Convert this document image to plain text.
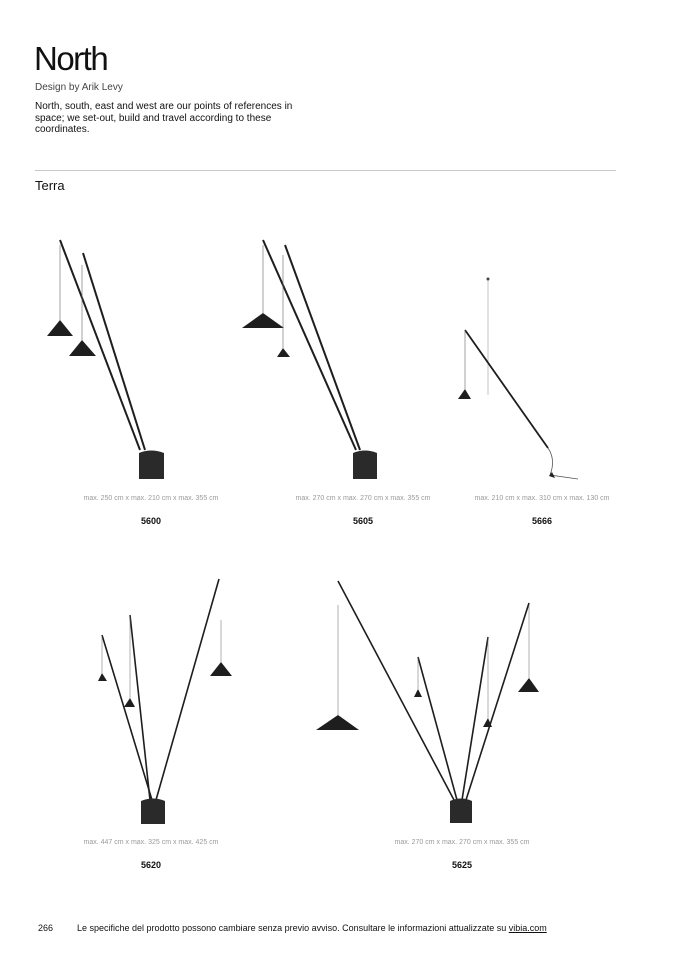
North
Design by Arik Levy
North, south, east and west are our points of references in space; we set-out, build and travel according to these coordinates.
Terra
max. 250 cm x max. 210 cm x max. 355 cm
5600
max. 270 cm x max. 270 cm x max. 355 cm
5605
max. 210 cm x max. 310 cm x max. 130 cm
5666
max. 447 cm x max. 325 cm x max. 425 cm
5620
max. 270 cm x max. 270 cm x max. 355 cm
5625
266	Le specifiche del prodotto possono cambiare senza previo avviso. Consultare le informazioni attualizzate su vibia.com
